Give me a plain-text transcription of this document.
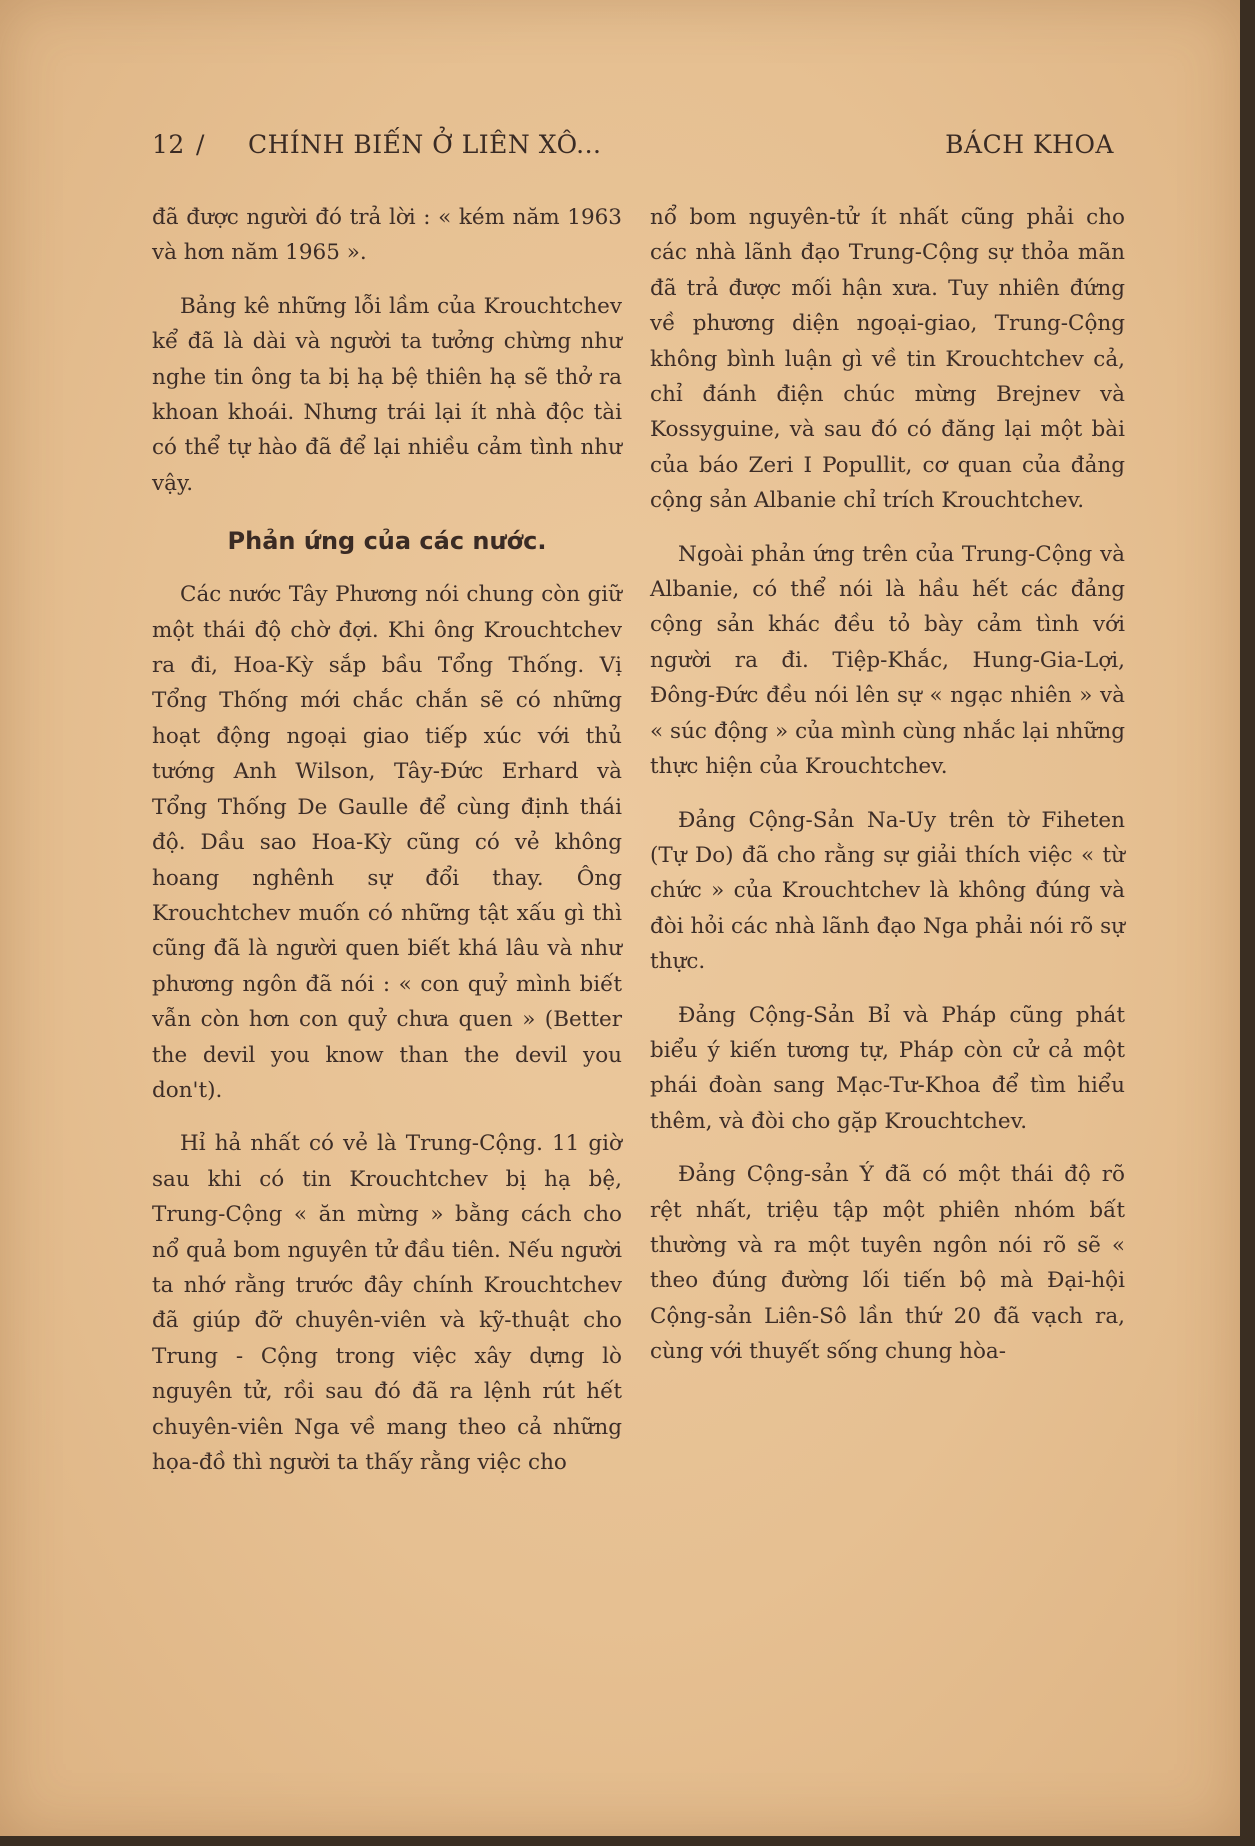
12 / CHÍNH BIẾN Ở LIÊN XÔ...	BÁCH KHOA

đã được người đó trả lời : « kém năm 1963 và hơn năm 1965 ».

Bảng kê những lỗi lầm của Krouchtchev kể đã là dài và người ta tưởng chừng như nghe tin ông ta bị hạ bệ thiên hạ sẽ thở ra khoan khoái. Nhưng trái lại ít nhà độc tài có thể tự hào đã để lại nhiều cảm tình như vậy.

Phản ứng của các nước.

Các nước Tây Phương nói chung còn giữ một thái độ chờ đợi. Khi ông Krouchtchev ra đi, Hoa-Kỳ sắp bầu Tổng Thống. Vị Tổng Thống mới chắc chắn sẽ có những hoạt động ngoại giao tiếp xúc với thủ tướng Anh Wilson, Tây-Đức Erhard và Tổng Thống De Gaulle để cùng định thái độ. Dầu sao Hoa-Kỳ cũng có vẻ không hoang nghênh sự đổi thay. Ông Krouchtchev muốn có những tật xấu gì thì cũng đã là người quen biết khá lâu và như phương ngôn đã nói : « con quỷ mình biết vẫn còn hơn con quỷ chưa quen » (Better the devil you know than the devil you don't).

Hỉ hả nhất có vẻ là Trung-Cộng. 11 giờ sau khi có tin Krouchtchev bị hạ bệ, Trung-Cộng « ăn mừng » bằng cách cho nổ quả bom nguyên tử đầu tiên. Nếu người ta nhớ rằng trước đây chính Krouchtchev đã giúp đỡ chuyên-viên và kỹ-thuật cho Trung - Cộng trong việc xây dựng lò nguyên tử, rồi sau đó đã ra lệnh rút hết chuyên-viên Nga về mang theo cả những họa-đồ thì người ta thấy rằng việc cho

nổ bom nguyên-tử ít nhất cũng phải cho các nhà lãnh đạo Trung-Cộng sự thỏa mãn đã trả được mối hận xưa. Tuy nhiên đứng về phương diện ngoại-giao, Trung-Cộng không bình luận gì về tin Krouchtchev cả, chỉ đánh điện chúc mừng Brejnev và Kossyguine, và sau đó có đăng lại một bài của báo Zeri I Popullit, cơ quan của đảng cộng sản Albanie chỉ trích Krouchtchev.

Ngoài phản ứng trên của Trung-Cộng và Albanie, có thể nói là hầu hết các đảng cộng sản khác đều tỏ bày cảm tình với người ra đi. Tiệp-Khắc, Hung-Gia-Lợi, Đông-Đức đều nói lên sự « ngạc nhiên » và « súc động » của mình cùng nhắc lại những thực hiện của Krouchtchev.

Đảng Cộng-Sản Na-Uy trên tờ Fiheten (Tự Do) đã cho rằng sự giải thích việc « từ chức » của Krouchtchev là không đúng và đòi hỏi các nhà lãnh đạo Nga phải nói rõ sự thực.

Đảng Cộng-Sản Bỉ và Pháp cũng phát biểu ý kiến tương tự, Pháp còn cử cả một phái đoàn sang Mạc-Tư-Khoa để tìm hiểu thêm, và đòi cho gặp Krouchtchev.

Đảng Cộng-sản Ý đã có một thái độ rõ rệt nhất, triệu tập một phiên nhóm bất thường và ra một tuyên ngôn nói rõ sẽ « theo đúng đường lối tiến bộ mà Đại-hội Cộng-sản Liên-Sô lần thứ 20 đã vạch ra, cùng với thuyết sống chung hòa-
